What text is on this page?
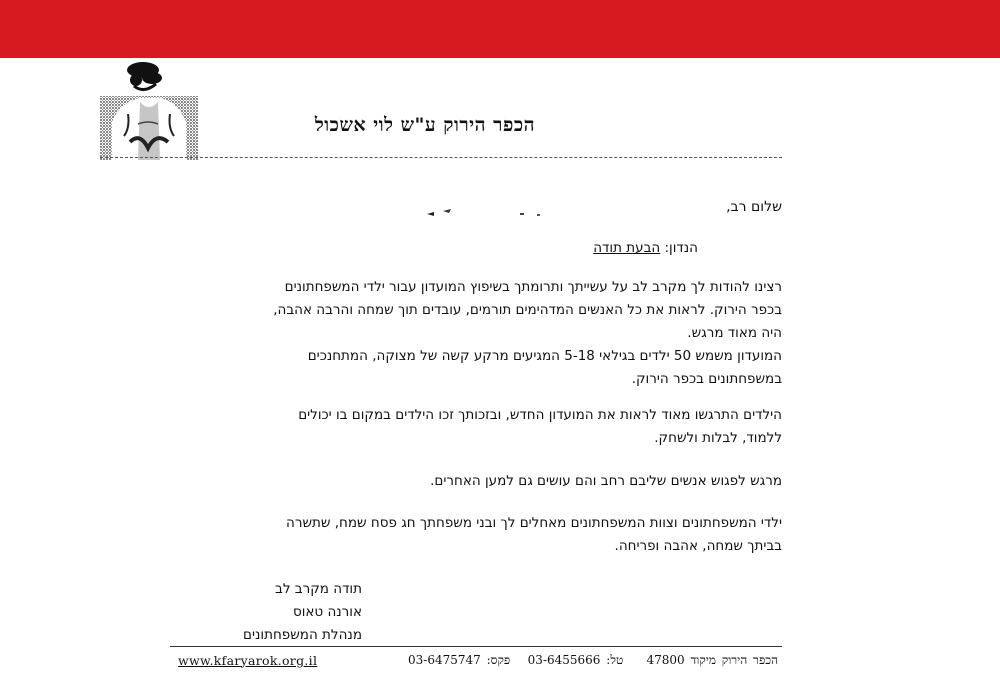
הכפר הירוק ע"ש לוי אשכול
שלום רב,
הנדון: הבעת תודה

רצינו להודות לך מקרב לב על עשייתך ותרומתך בשיפוץ המועדון עבור ילדי המשפחתונים

בכפר הירוק. לראות את כל האנשים המדהימים תורמים, עובדים תוך שמחה והרבה אהבה,

היה מאוד מרגש.

המועדון משמש 50 ילדים בגילאי 5-18 המגיעים מרקע קשה של מצוקה, המתחנכים

במשפחתונים בכפר הירוק.

הילדים התרגשו מאוד לראות את המועדון החדש, ובזכותך זכו הילדים במקום בו יכולים

ללמוד, לבלות ולשחק.

מרגש לפגוש אנשים שליבם רחב והם עושים גם למען האחרים.

ילדי המשפחתונים וצוות המשפחתונים מאחלים לך ובני משפחתך חג פסח שמח, שתשרה

בביתך שמחה, אהבה ופריחה.

תודה מקרב לב

אורנה טאוס

מנהלת המשפחתונים

www.kfaryarok.org.il	הכפר הירוק מיקוד 47800    טל: 03-6455666   פקס: 03-6475747
